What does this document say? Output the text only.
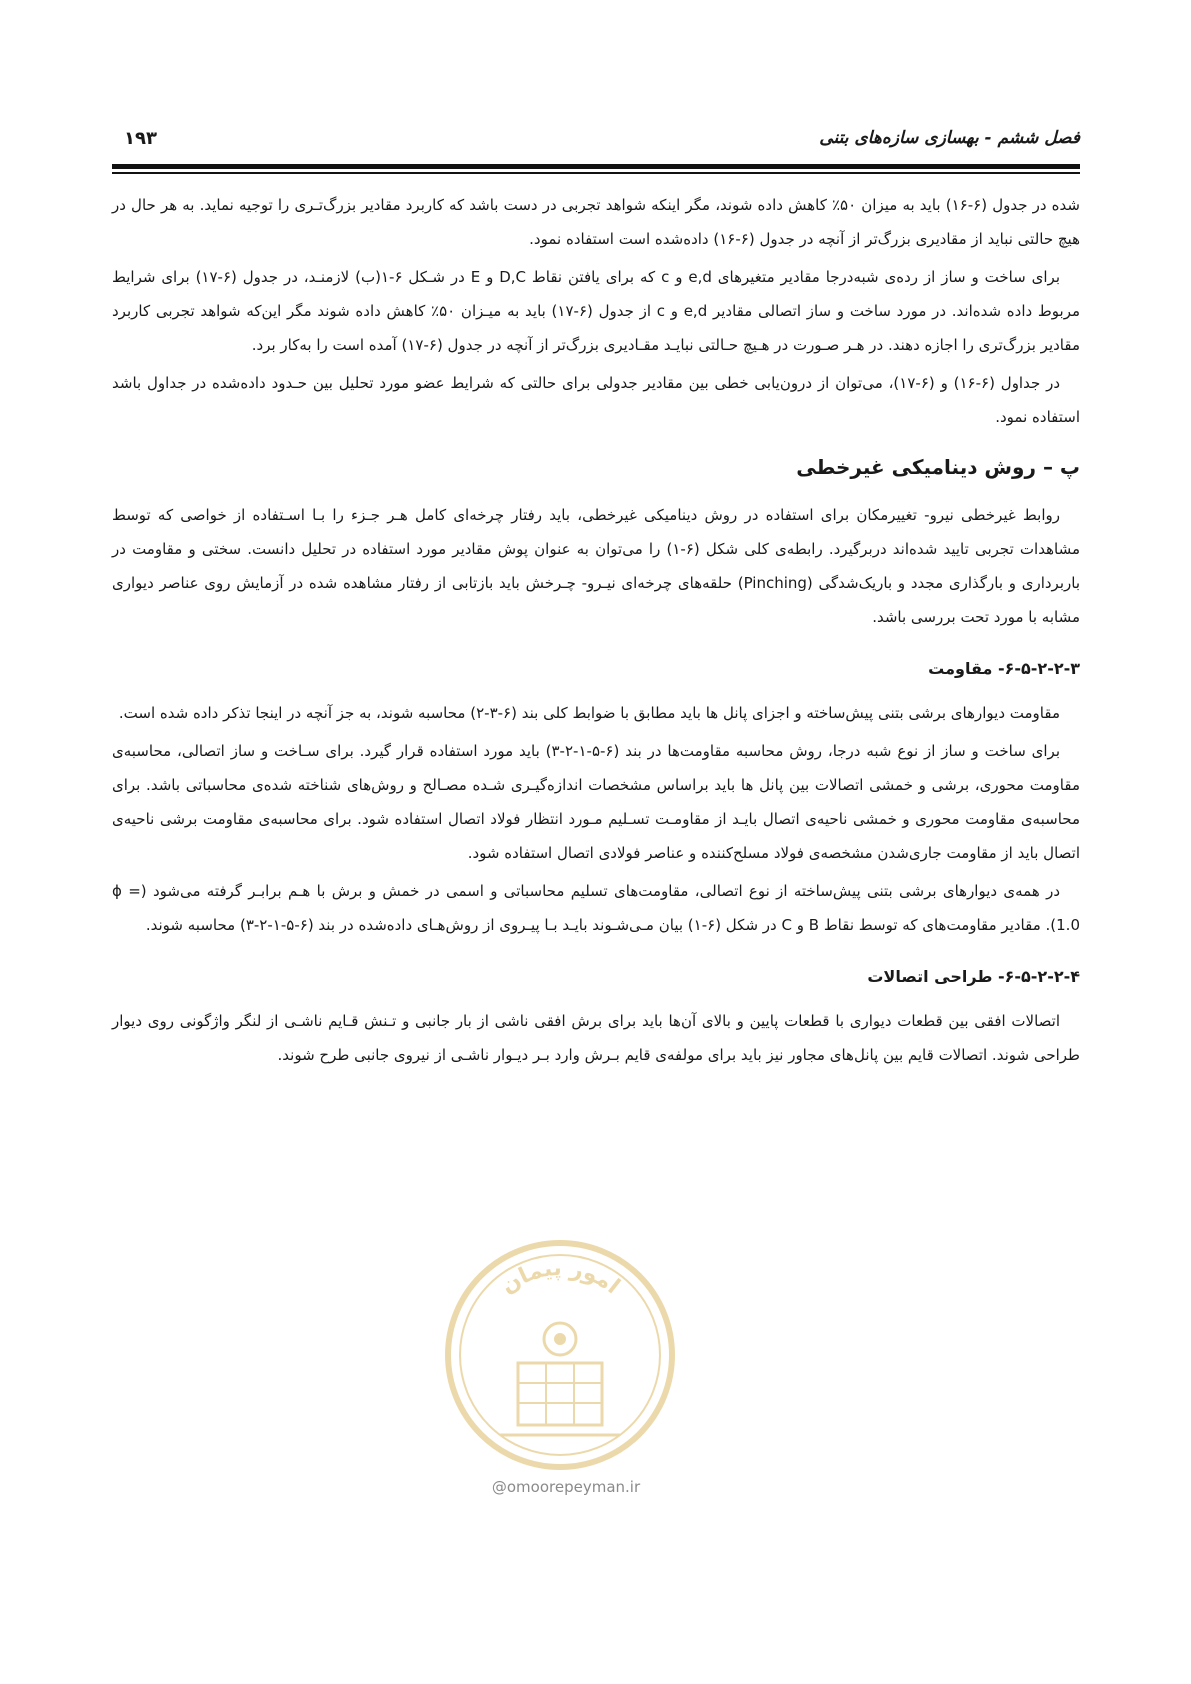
فصل ششم - بهسازی سازه‌های بتنی
۱۹۳

شده در جدول (۶-۱۶) باید به میزان ۵۰٪ کاهش داده شوند، مگر اینکه شواهد تجربی در دست باشد که کاربرد مقادیر بزرگ‌تـری را توجیه نماید. به هر حال در هیچ حالتی نباید از مقادیری بزرگ‌تر از آنچه در جدول (۶-۱۶) داده‌شده است استفاده نمود.

برای ساخت و ساز از رده‌ی شبه‌درجا مقادیر متغیرهای e,d و c که برای یافتن نقاط D,C و E در شـکل ۶-۱(ب) لازمنـد، در جدول (۶-۱۷) برای شرایط مربوط داده شده‌اند. در مورد ساخت و ساز اتصالی مقادیر e,d و c از جدول (۶-۱۷) باید به میـزان ۵۰٪ کاهش داده شوند مگر این‌که شواهد تجربی کاربرد مقادیر بزرگ‌تری را اجازه دهند. در هـر صـورت در هـیچ حـالتی نبایـد مقـادیری بزرگ‌تر از آنچه در جدول (۶-۱۷) آمده است را به‌کار برد.

در جداول (۶-۱۶) و (۶-۱۷)، می‌توان از درون‌یابی خطی بین مقادیر جدولی برای حالتی که شرایط عضو مورد تحلیل بین حـدود داده‌شده در جداول باشد استفاده نمود.

پ – روش دینامیکی غیرخطی

روابط غیرخطی نیرو- تغییرمکان برای استفاده در روش دینامیکی غیرخطی، باید رفتار چرخه‌ای کامل هـر جـزء را بـا اسـتفاده از خواصی که توسط مشاهدات تجربی تایید شده‌اند دربرگیرد. رابطه‌ی کلی شکل (۶-۱) را می‌توان به عنوان پوش مقادیر مورد استفاده در تحلیل دانست. سختی و مقاومت در باربرداری و بارگذاری مجدد و باریک‌شدگی (Pinching) حلقه‌های چرخه‌ای نیـرو- چـرخش باید بازتابی از رفتار مشاهده شده در آزمایش روی عناصر دیواری مشابه با مورد تحت بررسی باشد.

۶-۵-۲-۲-۳- مقاومت

مقاومت دیوارهای برشی بتنی پیش‌ساخته و اجزای پانل ها باید مطابق با ضوابط کلی بند (۶-۳-۲) محاسبه شوند، به جز آنچه در اینجا تذکر داده شده است.

برای ساخت و ساز از نوع شبه درجا، روش محاسبه مقاومت‌ها در بند (۶-۵-۱-۲-۳) باید مورد استفاده قرار گیرد. برای سـاخت و ساز اتصالی، محاسبه‌ی مقاومت محوری، برشی و خمشی اتصالات بین پانل ها باید براساس مشخصات اندازه‌گیـری شـده مصـالح و روش‌های شناخته شده‌ی محاسباتی باشد. برای محاسبه‌ی مقاومت محوری و خمشی ناحیه‌ی اتصال بایـد از مقاومـت تسـلیم مـورد انتظار فولاد اتصال استفاده شود. برای محاسبه‌ی مقاومت برشی ناحیه‌ی اتصال باید از مقاومت جاری‌شدن مشخصه‌ی فولاد مسلح‌کننده و عناصر فولادی اتصال استفاده شود.

در همه‌ی دیوارهای برشی بتنی پیش‌ساخته از نوع اتصالی، مقاومت‌های تسلیم محاسباتی و اسمی در خمش و برش با هـم برابـر گرفته می‌شود (ϕ = 1.0). مقادیر مقاومت‌های که توسط نقاط B و C در شکل (۶-۱) بیان مـی‌شـوند بایـد بـا پیـروی از روش‌هـای داده‌شده در بند (۶-۵-۱-۲-۳) محاسبه شوند.

۶-۵-۲-۲-۴- طراحی اتصالات

اتصالات افقی بین قطعات دیواری با قطعات پایین و بالای آن‌ها باید برای برش افقی ناشی از بار جانبی و تـنش قـایم ناشـی از لنگر واژگونی روی دیوار طراحی شوند. اتصالات قایم بین پانل‌های مجاور نیز باید برای مولفه‌ی قایم بـرش وارد بـر دیـوار ناشـی از نیروی جانبی طرح شوند.

امور پیمان
@omoorepeyman.ir
